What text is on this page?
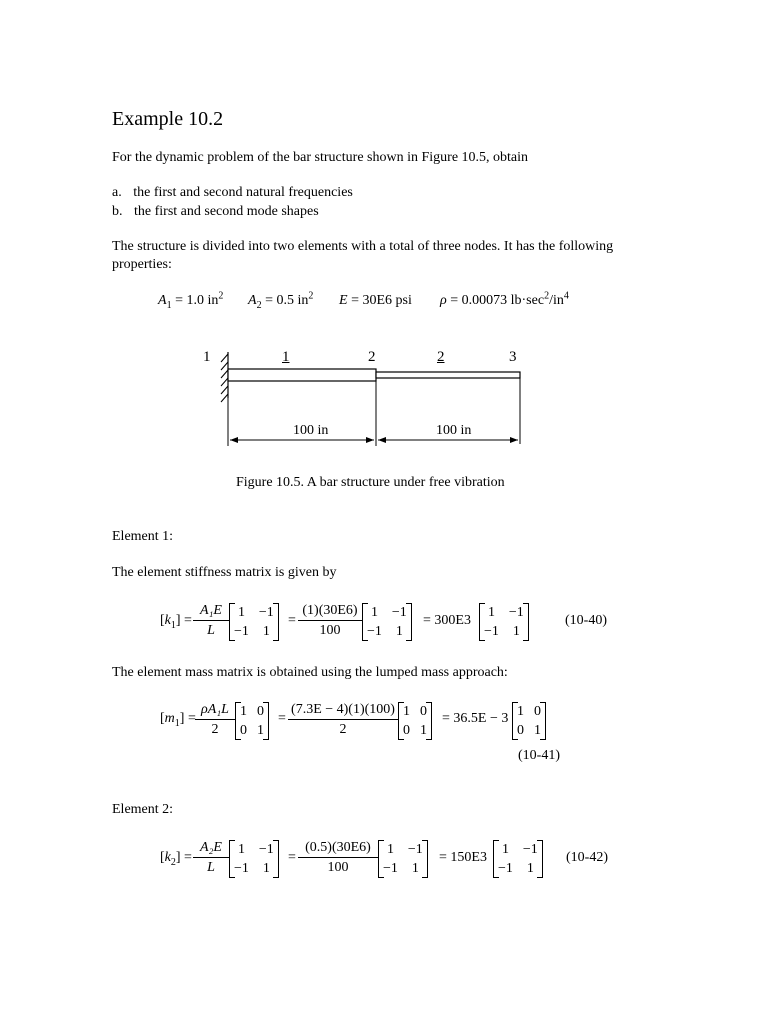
Example 10.2
For the dynamic problem of the bar structure shown in Figure 10.5, obtain
a. the first and second natural frequencies
b. the first and second mode shapes
The structure is divided into two elements with a total of three nodes. It has the following
properties:
$A_1 = 1.0$ $in^2$ $A_2 = 0.5$ $in^2$ E = 30E6 psi ρ = 0.00073 $lb\cdot\sec^2/in^4$
1	2	3
1	2
100 in	100 in
Figure 10.5. A bar structure under free vibration
Element 1:
The element stiffness matrix is given by
$[k_1] = \frac{\text{A₁E}}{L} 1$	−1
−1	1
= $\frac{(1)(30E6)}{100} 1$	−1
−1	1
= 300E3
1	−1
−1	1
(10-40)
The element mass matrix is obtained using the lumped mass approach:
$[m_1] = \frac{\text{ρA₁L}}{2} 1$	0
0	1
= $\frac{(7.3E - 4)(1)(100)}{2} 1$	0
0	1
= 36.5E − 3 1	0
0	1
(10-41)
Element 2:
$[k_2] = \frac{\text{A₂E}}{L} 1$	−1
−1	1
= $\frac{(0.5)(30E6)}{100} 1$	−1
−1	1
= 150E3
1	−1
−1	1
(10-42)
